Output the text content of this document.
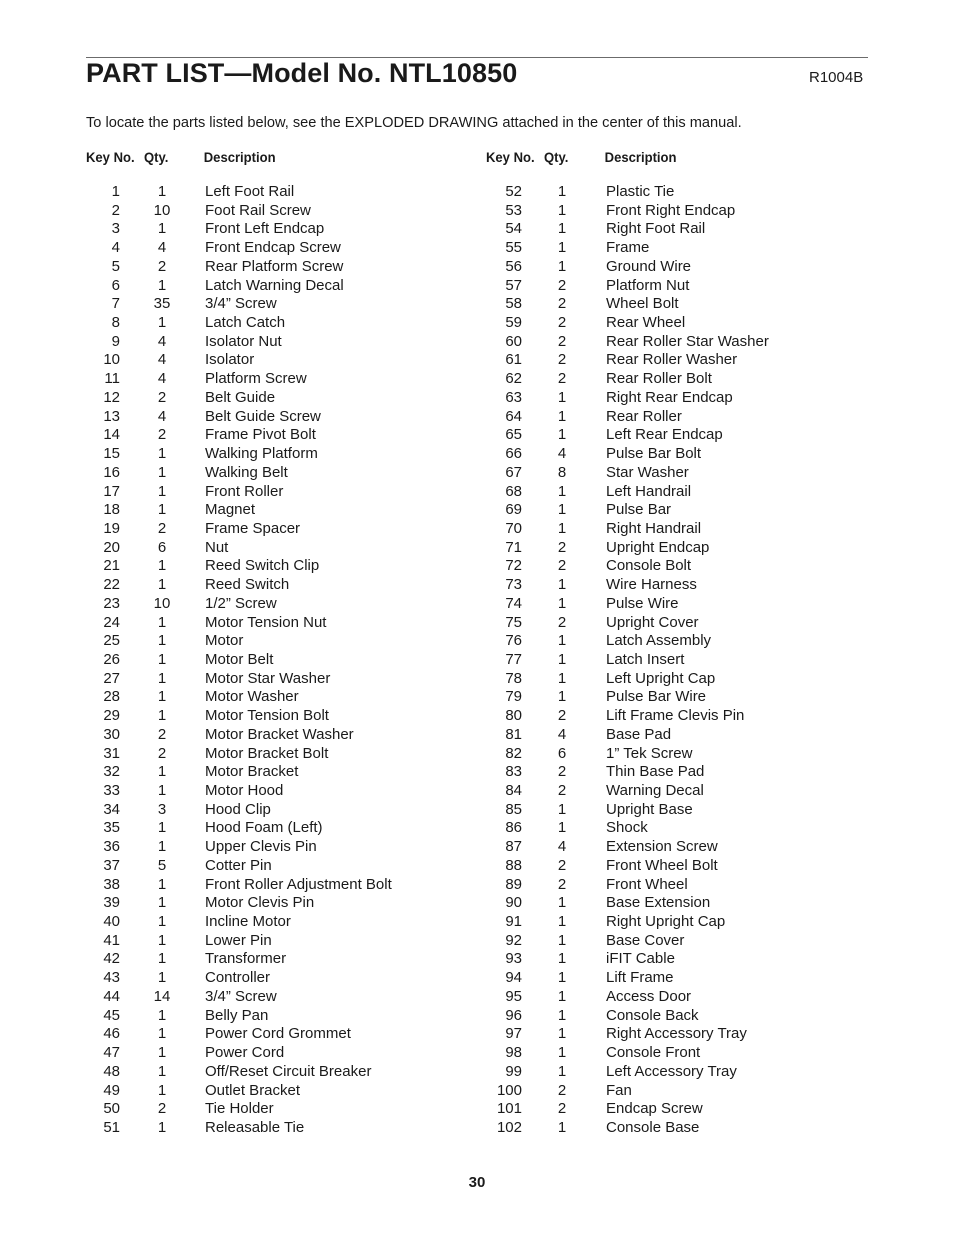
PART LIST—Model No. NTL10850	R1004B
To locate the parts listed below, see the EXPLODED DRAWING attached in the center of this manual.
Key No. Qty. Description
1	1	Left Foot Rail
2	10	Foot Rail Screw
3	1	Front Left Endcap
4	4	Front Endcap Screw
5	2	Rear Platform Screw
6	1	Latch Warning Decal
7	35	3/4” Screw
8	1	Latch Catch
9	4	Isolator Nut
10	4	Isolator
11	4	Platform Screw
12	2	Belt Guide
13	4	Belt Guide Screw
14	2	Frame Pivot Bolt
15	1	Walking Platform
16	1	Walking Belt
17	1	Front Roller
18	1	Magnet
19	2	Frame Spacer
20	6	Nut
21	1	Reed Switch Clip
22	1	Reed Switch
23	10	1/2” Screw
24	1	Motor Tension Nut
25	1	Motor
26	1	Motor Belt
27	1	Motor Star Washer
28	1	Motor Washer
29	1	Motor Tension Bolt
30	2	Motor Bracket Washer
31	2	Motor Bracket Bolt
32	1	Motor Bracket
33	1	Motor Hood
34	3	Hood Clip
35	1	Hood Foam (Left)
36	1	Upper Clevis Pin
37	5	Cotter Pin
38	1	Front Roller Adjustment Bolt
39	1	Motor Clevis Pin
40	1	Incline Motor
41	1	Lower Pin
42	1	Transformer
43	1	Controller
44	14	3/4” Screw
45	1	Belly Pan
46	1	Power Cord Grommet
47	1	Power Cord
48	1	Off/Reset Circuit Breaker
49	1	Outlet Bracket
50	2	Tie Holder
51	1	Releasable Tie
Key No. Qty.	Description
52	1	Plastic Tie
53	1	Front Right Endcap
54	1	Right Foot Rail
55	1	Frame
56	1	Ground Wire
57	2	Platform Nut
58	2	Wheel Bolt
59	2	Rear Wheel
60	2	Rear Roller Star Washer
61	2	Rear Roller Washer
62	2	Rear Roller Bolt
63	1	Right Rear Endcap
64	1	Rear Roller
65	1	Left Rear Endcap
66	4	Pulse Bar Bolt
67	8	Star Washer
68	1	Left Handrail
69	1	Pulse Bar
70	1	Right Handrail
71	2	Upright Endcap
72	2	Console Bolt
73	1	Wire Harness
74	1	Pulse Wire
75	2	Upright Cover
76	1	Latch Assembly
77	1	Latch Insert
78	1	Left Upright Cap
79	1	Pulse Bar Wire
80	2	Lift Frame Clevis Pin
81	4	Base Pad
82	6	1” Tek Screw
83	2	Thin Base Pad
84	2	Warning Decal
85	1	Upright Base
86	1	Shock
87	4	Extension Screw
88	2	Front Wheel Bolt
89	2	Front Wheel
90	1	Base Extension
91	1	Right Upright Cap
92	1	Base Cover
93	1	iFIT Cable
94	1	Lift Frame
95	1	Access Door
96	1	Console Back
97	1	Right Accessory Tray
98	1	Console Front
99	1	Left Accessory Tray
100	2	Fan
101	2	Endcap Screw
102	1	Console Base
30
